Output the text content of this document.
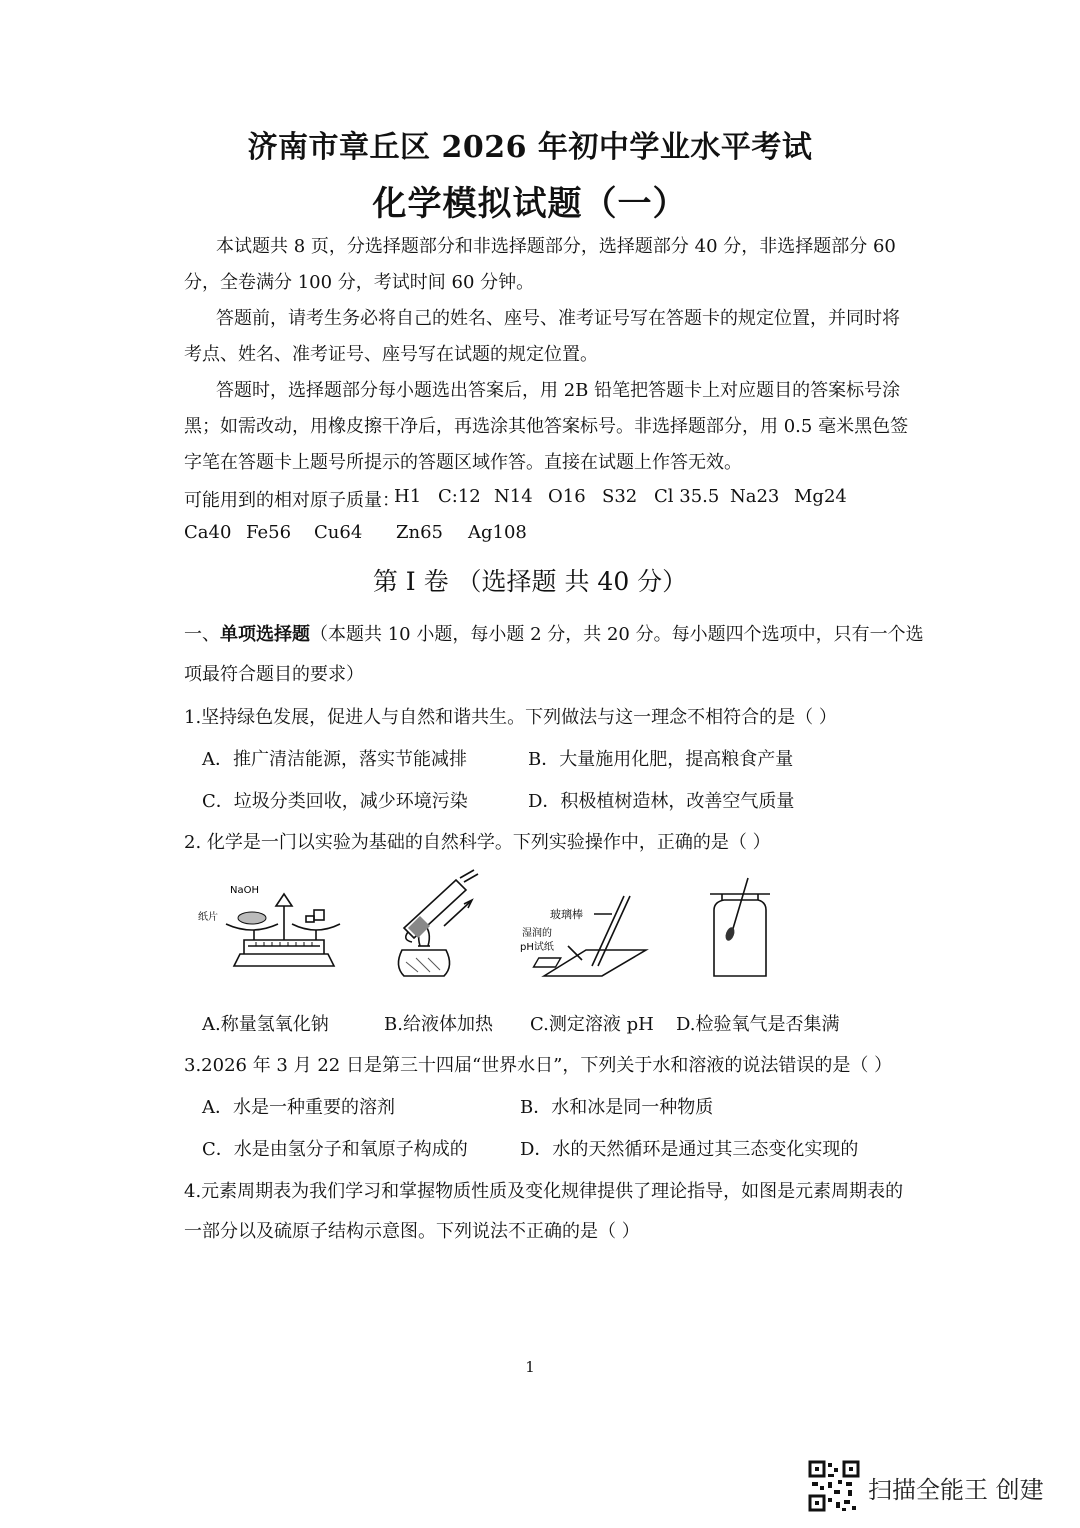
济南市章丘区 2026 年初中学业水平考试
化学模拟试题（一）
本试题共 8 页，分选择题部分和非选择题部分，选择题部分 40 分，非选择题部分 60
分，全卷满分 100 分，考试时间 60 分钟。
答题前，请考生务必将自己的姓名、座号、准考证号写在答题卡的规定位置，并同时将
考点、姓名、准考证号、座号写在试题的规定位置。
答题时，选择题部分每小题选出答案后，用 2B 铅笔把答题卡上对应题目的答案标号涂
黑；如需改动，用橡皮擦干净后，再选涂其他答案标号。非选择题部分，用 0.5 毫米黑色签
字笔在答题卡上题号所提示的答题区域作答。直接在试题上作答无效。
可能用到的相对原子质量：
H1 C:12 N14 O16 S32 Cl 35.5 Na23 Mg24
Ca40 Fe56 Cu64 Zn65 Ag108
第 I 卷 （选择题 共 40 分）
一、单项选择题（本题共 10 小题，每小题 2 分，共 20 分。每小题四个选项中，只有一个选
项最符合题目的要求）
1.坚持绿色发展，促进人与自然和谐共生。下列做法与这一理念不相符合的是（ ）
A．推广清洁能源，落实节能减排	B．大量施用化肥，提高粮食产量
C．垃圾分类回收，减少环境污染	D．积极植树造林，改善空气质量
2. 化学是一门以实验为基础的自然科学。下列实验操作中，正确的是（ ）
NaOH
纸片	玻璃棒
湿润的
pH试纸
A.称量氢氧化钠	B.给液体加热 C.测定溶液 pH D.检验氧气是否集满
3.2026 年 3 月 22 日是第三十四届“世界水日”，下列关于水和溶液的说法错误的是（ ）
A．水是一种重要的溶剂	B．水和冰是同一种物质
C．水是由氢分子和氧原子构成的	D．水的天然循环是通过其三态变化实现的
4.元素周期表为我们学习和掌握物质性质及变化规律提供了理论指导，如图是元素周期表的
一部分以及硫原子结构示意图。下列说法不正确的是（ ）
1
扫描全能王 创建
